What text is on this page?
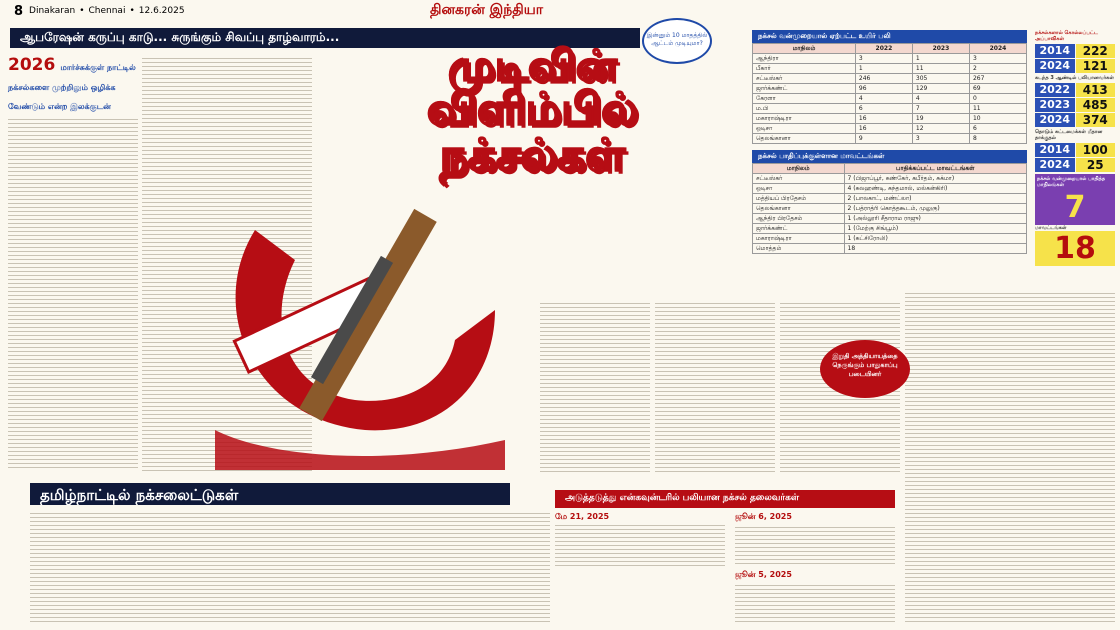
8 Dinakaran • Chennai • 12.6.2025	தினகரன் இந்தியா
ஆபரேஷன் கருப்பு காடு... சுருங்கும் சிவப்பு தாழ்வாரம்...	இன்னும் 10 மாதத்தில் ஆட்டம் முடியுமா?
2026 மார்ச்சுக்குள் நாட்டில் நக்சல்களை முற்றிலும் ஒழிக்க வேண்டும் என்ற இலக்குடன்
முடிவின்
விளிம்பில்
நக்சல்கள்
நக்சல் வன்முறையால் ஏற்பட்ட உயிர் பலி
மாநிலம்	2022	2023	2024
ஆந்திரா	3	1	3
பீகார்	1	11	2
சட்டீஸ்கர்	246	305	267
ஜார்க்கண்ட்	96	129	69
கேரளா	4	4	0
ம.பி	6	7	11
மகாராஷ்டிரா	16	19	10
ஒடிசா	16	12	6
தெலங்கானா	9	3	8
நக்சல் பாதிப்புக்குள்ளான மாவட்டங்கள்
மாநிலம்	பாதிக்கப்பட்ட மாவட்டங்கள்
சட்டீஸ்கர்	7 (பிஜாப்பூர், கண்கேர், கபீர்தம், சுக்மா)
ஒடிசா	4 (கலஹண்டி, கந்தமால், மல்கன்கிரி)
மத்தியப் பிரதேசம்	2 (பாலகாட், மண்ட்லா)
தெலங்கானா	2 (பத்ராத்ரி கொத்தகூடம், முலுகு)
ஆந்திர பிரதேசம்	1 (அல்லூரி சீதாராம ராஜு)
ஜார்க்கண்ட்	1 (மேற்கு சிங்பூம்)
மகாராஷ்டிரா	1 (கட்சிரோலி)
மொத்தம்	18
நக்சல்களால் கொல்லப்பட்ட அப்பாவிகள்
2014	222
2024	121
கடந்த 3 ஆண்டில் பலியானவர்கள்
2022	413
2023	485
2024	374
தொடும் சுட்டமைக்கள் மீதான தாக்குதல்
2014	100
2024	25
நக்சல் வன்முறையால் பாதித்த மாநிலங்கள்
7
மாவட்டங்கள்
18
இறுதி அத்தியாயத்தை நெருங்கும் பாதுகாப்பு படையினர்
தமிழ்நாட்டில் நக்சலைட்டுகள்	அடுத்தடுத்து என்கவுன்டரில் பலியான நக்சல் தலைவர்கள்
மே 21, 2025	ஜூன் 6, 2025
ஜூன் 5, 2025
